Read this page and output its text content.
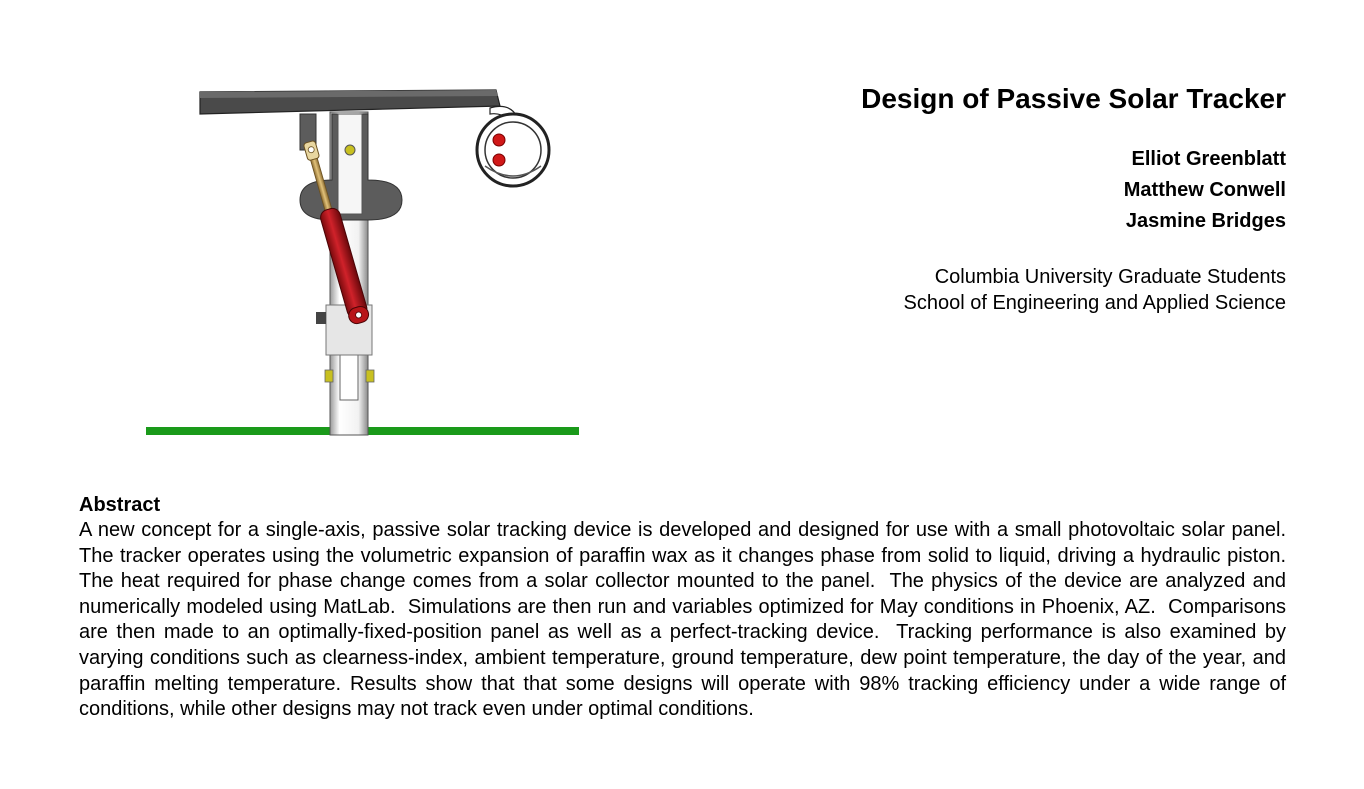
Design of Passive Solar Tracker
Elliot Greenblatt
Matthew Conwell
Jasmine Bridges
Columbia University Graduate Students
School of Engineering and Applied Science
Abstract

A new concept for a single-axis, passive solar tracking device is developed and designed for use with a small photovoltaic solar panel.  The tracker operates using the volumetric expansion of paraffin wax as it changes phase from solid to liquid, driving a hydraulic piston.  The heat required for phase change comes from a solar collector mounted to the panel.  The physics of the device are analyzed and numerically modeled using MatLab.  Simulations are then run and variables optimized for May conditions in Phoenix, AZ.  Comparisons are then made to an optimally-fixed-position panel as well as a perfect-tracking device.  Tracking performance is also examined by varying conditions such as clearness-index, ambient temperature, ground temperature, dew point temperature, the day of the year, and paraffin melting temperature. Results show that that some designs will operate with 98% tracking efficiency under a wide range of conditions, while other designs may not track even under optimal conditions.
